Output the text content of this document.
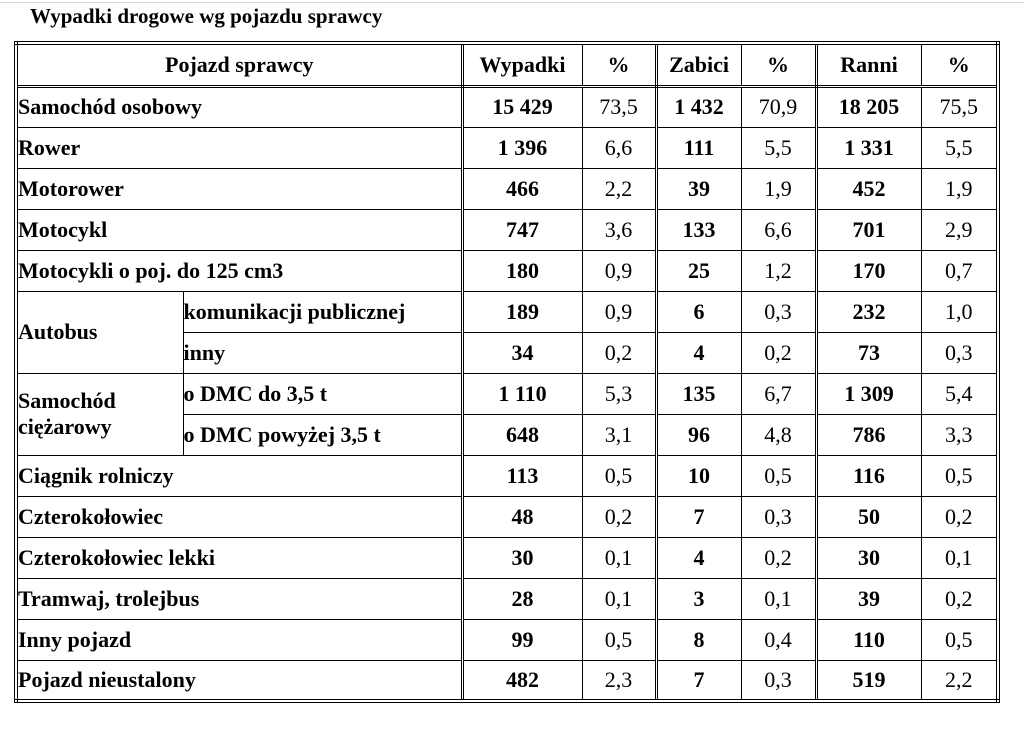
Wypadki drogowe wg pojazdu sprawcy
Pojazd sprawcy		Wypadki	%	Zabici	%	Ranni	%
Samochód osobowy		15 429	73,5	1 432	70,9	18 205	75,5
Rower		1 396	6,6	111	5,5	1 331	5,5
Motorower		466	2,2	39	1,9	452	1,9
Motocykl		747	3,6	133	6,6	701	2,9
Motocykli o poj. do 125 cm3		180	0,9	25	1,2	170	0,7
Autobus	komunikacji publicznej	189	0,9	6	0,3	232	1,0
	inny	34	0,2	4	0,2	73	0,3
Samochód
ciężarowy	o DMC do 3,5 t	1 110	5,3	135	6,7	1 309	5,4
	o DMC powyżej 3,5 t	648	3,1	96	4,8	786	3,3
Ciągnik rolniczy		113	0,5	10	0,5	116	0,5
Czterokołowiec		48	0,2	7	0,3	50	0,2
Czterokołowiec lekki		30	0,1	4	0,2	30	0,1
Tramwaj, trolejbus		28	0,1	3	0,1	39	0,2
Inny pojazd		99	0,5	8	0,4	110	0,5
Pojazd nieustalony		482	2,3	7	0,3	519	2,2
